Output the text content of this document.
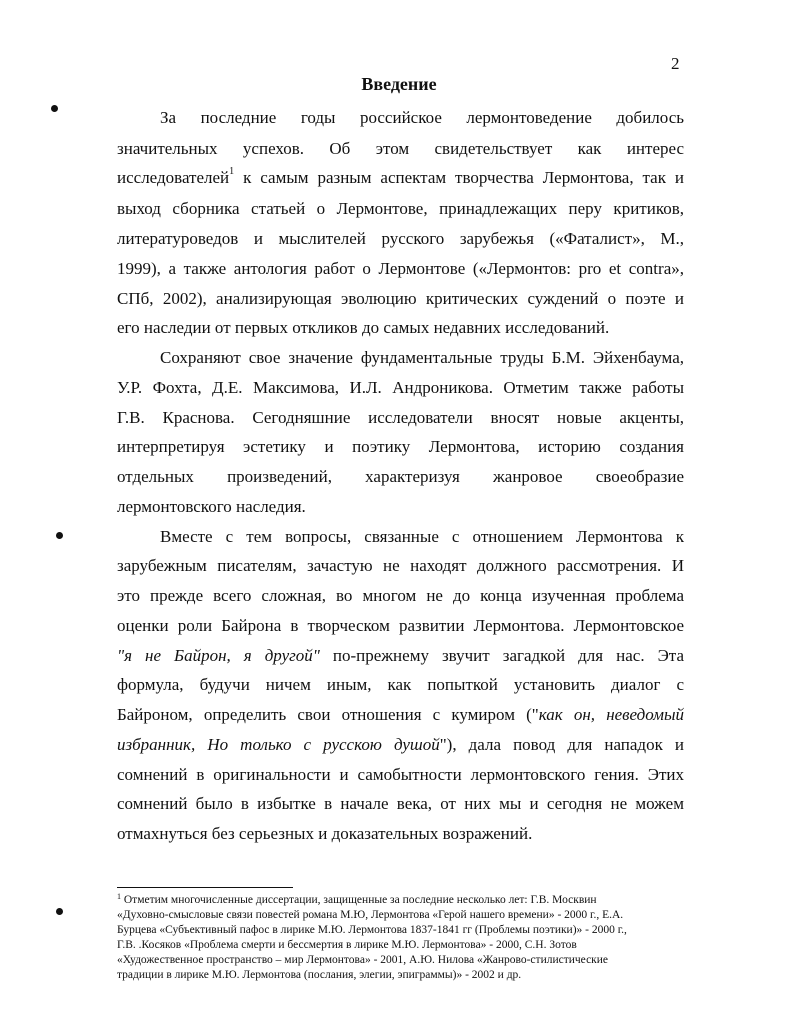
2
Введение
За последние годы российское лермонтоведение добилось
значительных успехов. Об этом свидетельствует как интерес
исследователей$^1$ к самым разным аспектам творчества Лермонтова, так и
выход сборника статьей о Лермонтове, принадлежащих перу критиков,
литературоведов и мыслителей русского зарубежья («Фаталист», М.,
1999), а также антология работ о Лермонтове («Лермонтов: pro et contra»,
СПб, 2002), анализирующая эволюцию критических суждений о поэте и
его наследии от первых откликов до самых недавних исследований.
Сохраняют свое значение фундаментальные труды Б.М. Эйхенбаума,
У.Р. Фохта, Д.Е. Максимова, И.Л. Андроникова. Отметим также работы
Г.В. Краснова. Сегодняшние исследователи вносят новые акценты,
интерпретируя эстетику и поэтику Лермонтова, историю создания
отдельных произведений, характеризуя жанровое своеобразие
лермонтовского наследия.
Вместе с тем вопросы, связанные с отношением Лермонтова к
зарубежным писателям, зачастую не находят должного рассмотрения. И
это прежде всего сложная, во многом не до конца изученная проблема
оценки роли Байрона в творческом развитии Лермонтова. Лермонтовское
"я не Байрон, я другой" по-прежнему звучит загадкой для нас. Эта
формула, будучи ничем иным, как попыткой установить диалог с
Байроном, определить свои отношения с кумиром ("как он, неведомый
избранник, Но только с русскою душой"), дала повод для нападок и
сомнений в оригинальности и самобытности лермонтовского гения. Этих
сомнений было в избытке в начале века, от них мы и сегодня не можем
отмахнуться без серьезных и доказательных возражений.
$^1$ Отметим многочисленные диссертации, защищенные за последние несколько лет: Г.В. Москвин
«Духовно-смысловые связи повестей романа М.Ю, Лермонтова «Герой нашего времени» - 2000 г., Е.А.
Бурцева «Субъективный пафос в лирике М.Ю. Лермонтова 1837-1841 гг (Проблемы поэтики)» - 2000 г.,
Г.В. .Косяков «Проблема смерти и бессмертия в лирике М.Ю. Лермонтова» - 2000, С.Н. Зотов
«Художественное пространство – мир Лермонтова» - 2001, А.Ю. Нилова «Жанрово-стилистические
традиции в лирике М.Ю. Лермонтова (послания, элегии, эпиграммы)» - 2002 и др.
